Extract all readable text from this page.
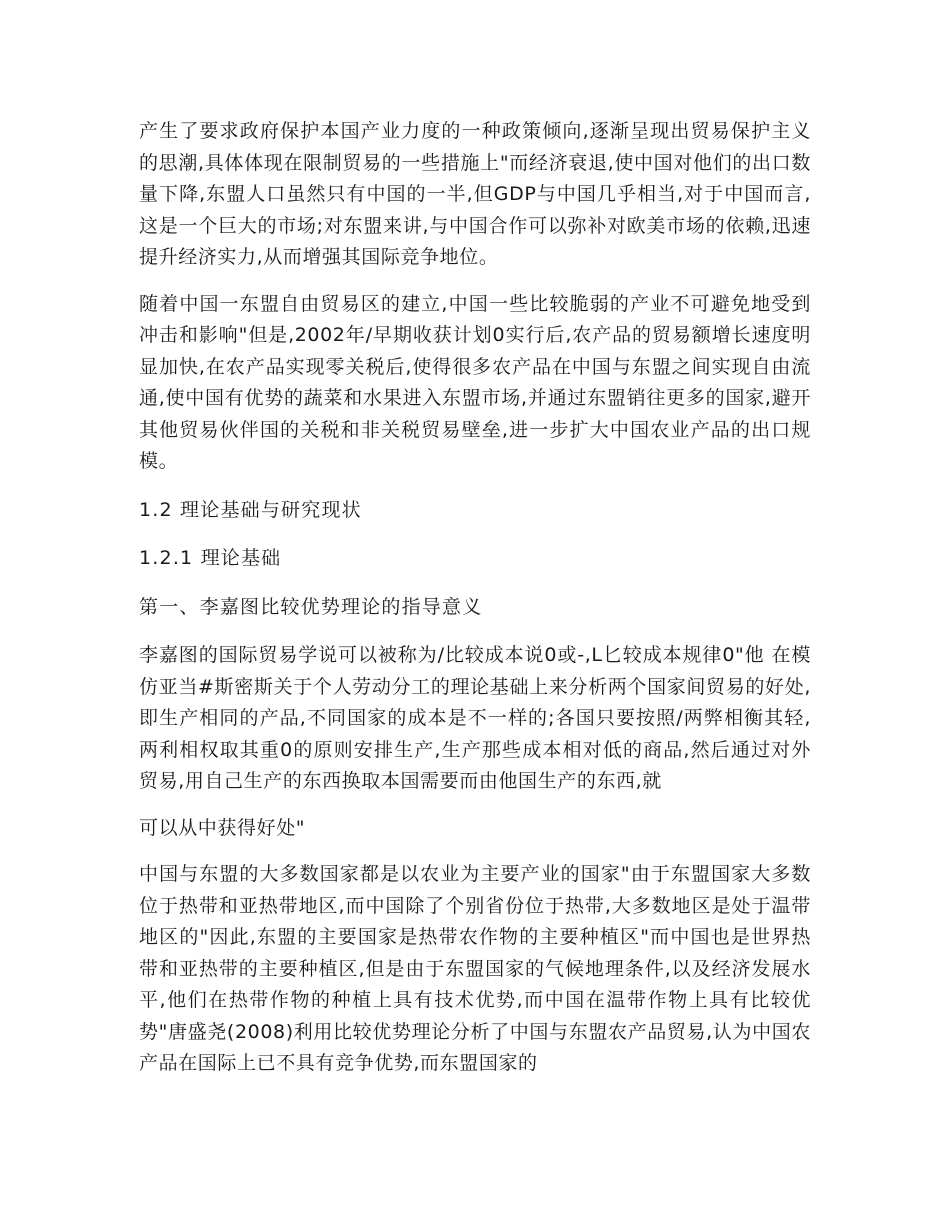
产生了要求政府保护本国产业力度的一种政策倾向,逐渐呈现出贸易保护主义的思潮,具体体现在限制贸易的一些措施上"而经济衰退,使中国对他们的出口数量下降,东盟人口虽然只有中国的一半,但GDP与中国几乎相当,对于中国而言,这是一个巨大的市场;对东盟来讲,与中国合作可以弥补对欧美市场的依赖,迅速提升经济实力,从而增强其国际竞争地位。

随着中国一东盟自由贸易区的建立,中国一些比较脆弱的产业不可避免地受到冲击和影响"但是,2002年/早期收获计划0实行后,农产品的贸易额增长速度明显加快,在农产品实现零关税后,使得很多农产品在中国与东盟之间实现自由流通,使中国有优势的蔬菜和水果进入东盟市场,并通过东盟销往更多的国家,避开其他贸易伙伴国的关税和非关税贸易壁垒,进一步扩大中国农业产品的出口规模。

1.2 理论基础与研究现状

1.2.1 理论基础

第一、李嘉图比较优势理论的指导意义

李嘉图的国际贸易学说可以被称为/比较成本说0或-,L匕较成本规律0"他 在模仿亚当#斯密斯关于个人劳动分工的理论基础上来分析两个国家间贸易的好处,即生产相同的产品,不同国家的成本是不一样的;各国只要按照/两弊相衡其轻,两利相权取其重0的原则安排生产,生产那些成本相对低的商品,然后通过对外贸易,用自己生产的东西换取本国需要而由他国生产的东西,就

可以从中获得好处"

中国与东盟的大多数国家都是以农业为主要产业的国家"由于东盟国家大多数位于热带和亚热带地区,而中国除了个别省份位于热带,大多数地区是处于温带地区的"因此,东盟的主要国家是热带农作物的主要种植区"而中国也是世界热带和亚热带的主要种植区,但是由于东盟国家的气候地理条件,以及经济发展水平,他们在热带作物的种植上具有技术优势,而中国在温带作物上具有比较优势"唐盛尧(2008)利用比较优势理论分析了中国与东盟农产品贸易,认为中国农产品在国际上已不具有竞争优势,而东盟国家的
